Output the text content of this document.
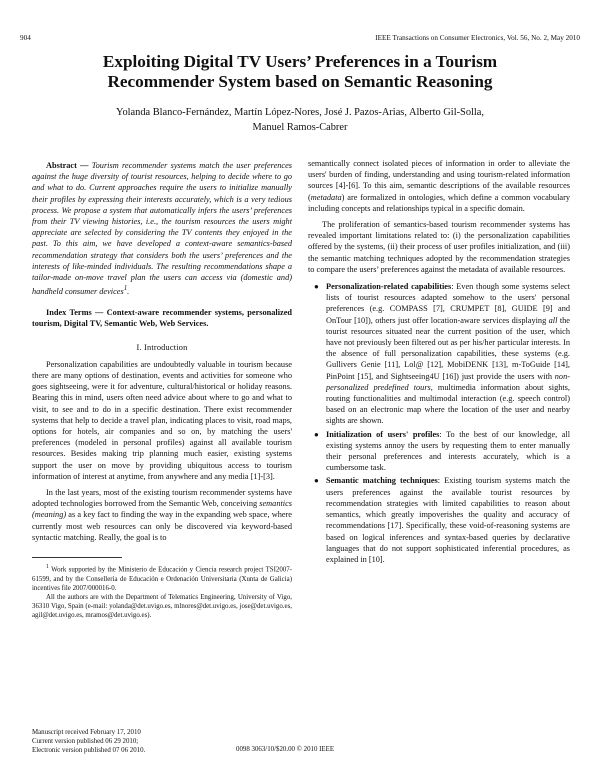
904	IEEE Transactions on Consumer Electronics, Vol. 56, No. 2, May 2010
Exploiting Digital TV Users’ Preferences in a Tourism
Recommender System based on Semantic Reasoning
Yolanda Blanco-Fernández, Martín López-Nores, José J. Pazos-Arias, Alberto Gil-Solla,
Manuel Ramos-Cabrer

Abstract — Tourism recommender systems match the user preferences against the huge diversity of tourist resources, helping to decide where to go and what to do. Current approaches require the users to initialize manually their profiles by expressing their interests accurately, which is a very tedious process. We propose a system that automatically infers the users’ preferences from their TV viewing histories, i.e., the tourism resources the users might appreciate are selected by considering the TV contents they enjoyed in the past. To this aim, we have developed a context-aware semantics-based recommendation strategy that considers both the users’ preferences and the interests of like-minded individuals. The resulting recommendations shape a tailor-made on-move travel plan the users can access via (domestic and) handheld consumer devices$^1$.

Index Terms — Context-aware recommender systems, personalized tourism, Digital TV, Semantic Web, Web Services.

I. Introduction

Personalization capabilities are undoubtedly valuable in tourism because there are many options of destination, events and activities for someone who goes sightseeing, were it for adventure, cultural/historical or holiday reasons. Bearing this in mind, users often need advice about where to go and what to visit, to see and to do in a specific destination. There exist recommender systems that help to decide a travel plan, indicating places to visit, road maps, options for hotels, air companies and so on, by matching the users' preferences (modeled in personal profiles) against all available tourism resources. Besides making trip planning much easier, existing systems support the user on move by providing ubiquitous access to tourism information of interest at anytime, from anywhere and any media [1]-[3].

In the last years, most of the existing tourism recommender systems have adopted technologies borrowed from the Semantic Web, conceiving semantics (meaning) as a key fact to finding the way in the expanding web space, where currently most web resources can only be discovered via keyword-based syntactic matching. Really, the goal is to

$^1$ Work supported by the Ministerio de Educación y Ciencia research project TSI2007-61599, and by the Consellería de Educación e Ordenación Universitaria (Xunta de Galicia) incentives file 2007/000016-0.

All the authors are with the Department of Telematics Engineering, University of Vigo, 36310 Vigo, Spain (e-mail: yolanda@det.uvigo.es, mlnores@det.uvigo.es, jose@det.uvigo.es, agil@det.uvigo.es, mramos@det.uvigo.es).

Manuscript received February 17, 2010
Current version published 06 29 2010;
Electronic version published 07 06 2010.	0098 3063/10/$20.00 © 2010 IEEE

semantically connect isolated pieces of information in order to alleviate the users' burden of finding, understanding and using tourism-related information sources [4]-[6]. To this aim, semantic descriptions of the available resources (metadata) are formalized in ontologies, which define a common vocabulary including concepts and relationships typical in a specific domain.

The proliferation of semantics-based tourism recommender systems has revealed important limitations related to: (i) the personalization capabilities offered by the systems, (ii) their process of user profiles initialization, and (iii) the semantic matching techniques adopted by the recommendation strategies to compare the users’ preferences against the metadata of available resources.

● Personalization-related capabilities: Even though some systems select lists of tourist resources adapted somehow to the users' personal preferences (e.g. COMPASS [7], CRUMPET [8], GUIDE [9] and OnTour [10]), others just offer location-aware services displaying all the tourist resources situated near the current position of the user, which have not previously been filtered out as per his/her particular interests. In the absence of full personalization capabilities, these systems (e.g. Gullivers Genie [11], Lol@ [12], MobiDENK [13], m-ToGuide [14], PinPoint [15], and Sightseeing4U [16]) just provide the users with non-personalized predefined tours, multimedia information about sights, routing functionalities and multimodal interaction (e.g. speech control) based on an electronic map where the location of the user and nearby sights are shown.
● Initialization of users' profiles: To the best of our knowledge, all existing systems annoy the users by requesting them to enter manually their personal preferences and interests accurately, which is a cumbersome task.
● Semantic matching techniques: Existing tourism systems match the users preferences against the available tourist resources by recommendation strategies with limited capabilities to reason about semantics, which greatly impoverishes the quality and accuracy of recommendations [17]. Specifically, these void-of-reasoning systems are based on logical inferences and syntax-based queries by declarative languages that do not support sophisticated inferential procedures, as explained in [10].
